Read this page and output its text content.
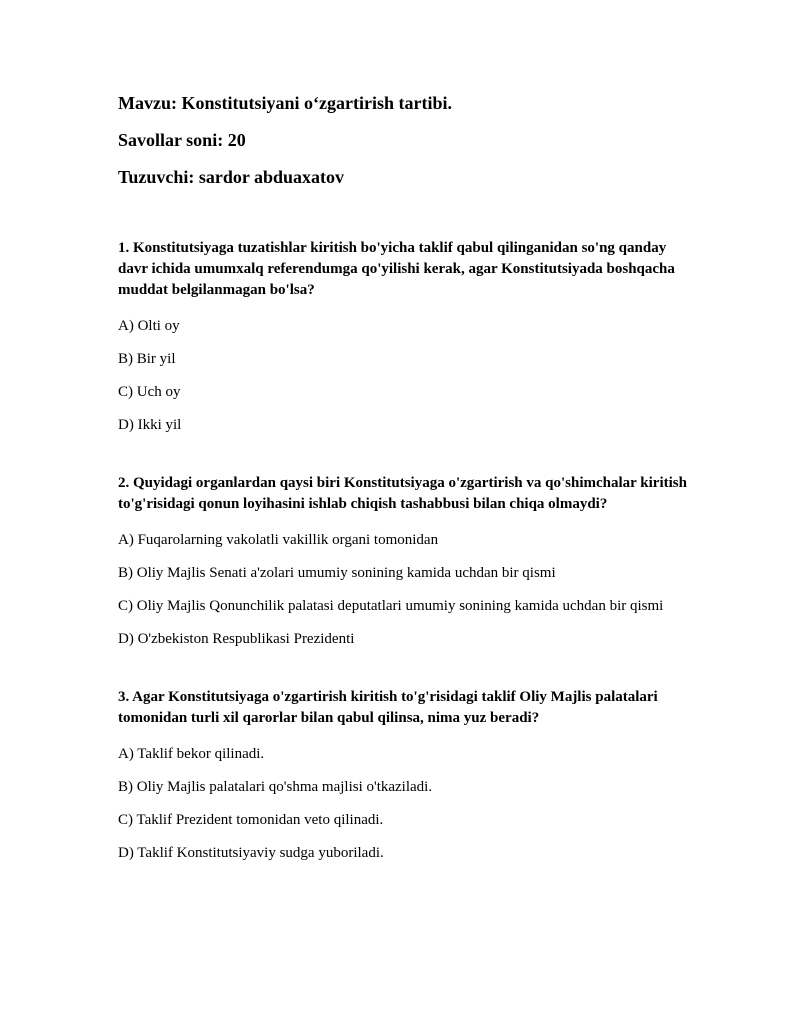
Mavzu: Konstitutsiyani o‘zgartirish tartibi.

Savollar soni: 20

Tuzuvchi: sardor abduaxatov

1. Konstitutsiyaga tuzatishlar kiritish bo'yicha taklif qabul qilinganidan so'ng qanday davr ichida umumxalq referendumga qo'yilishi kerak, agar Konstitutsiyada boshqacha muddat belgilanmagan bo'lsa?

A) Olti oy

B) Bir yil

C) Uch oy

D) Ikki yil

2. Quyidagi organlardan qaysi biri Konstitutsiyaga o'zgartirish va qo'shimchalar kiritish to'g'risidagi qonun loyihasini ishlab chiqish tashabbusi bilan chiqa olmaydi?

A) Fuqarolarning vakolatli vakillik organi tomonidan

B) Oliy Majlis Senati a'zolari umumiy sonining kamida uchdan bir qismi

C) Oliy Majlis Qonunchilik palatasi deputatlari umumiy sonining kamida uchdan bir qismi

D) O'zbekiston Respublikasi Prezidenti

3. Agar Konstitutsiyaga o'zgartirish kiritish to'g'risidagi taklif Oliy Majlis palatalari tomonidan turli xil qarorlar bilan qabul qilinsa, nima yuz beradi?

A) Taklif bekor qilinadi.

B) Oliy Majlis palatalari qo'shma majlisi o'tkaziladi.

C) Taklif Prezident tomonidan veto qilinadi.

D) Taklif Konstitutsiyaviy sudga yuboriladi.
